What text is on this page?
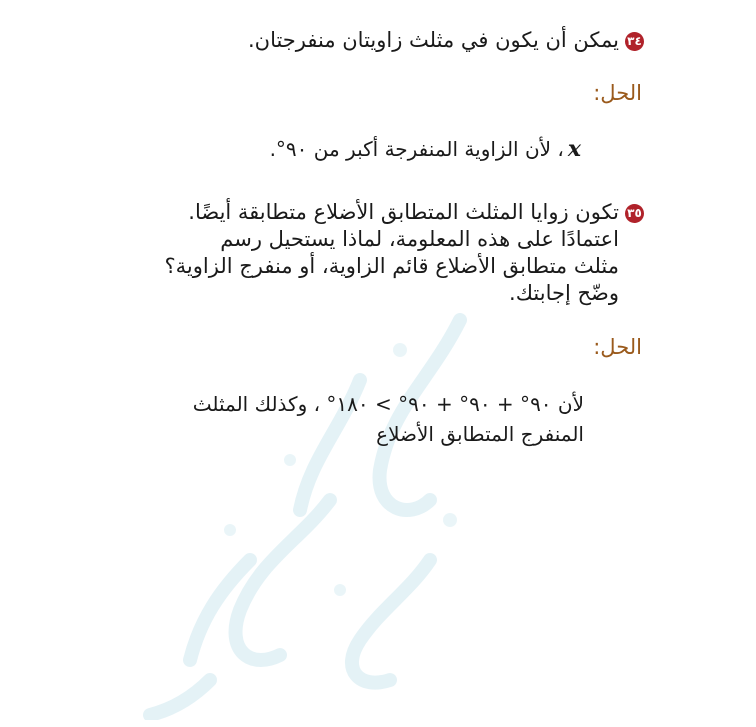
٣٤يمكن أن يكون في مثلث زاويتان منفرجتان.
الحل:
x، لأن الزاوية المنفرجة أكبر من ٩٠°.
٣٥تكون زوايا المثلث المتطابق الأضلاع متطابقة أيضًا.
اعتمادًا على هذه المعلومة، لماذا يستحيل رسم
مثلث متطابق الأضلاع قائم الزاوية، أو منفرج الزاوية؟
وضّح إجابتك.
الحل:
لأن ٩٠° + ٩٠° + ٩٠° > ١٨٠° ، وكذلك المثلث
المنفرج المتطابق الأضلاع
